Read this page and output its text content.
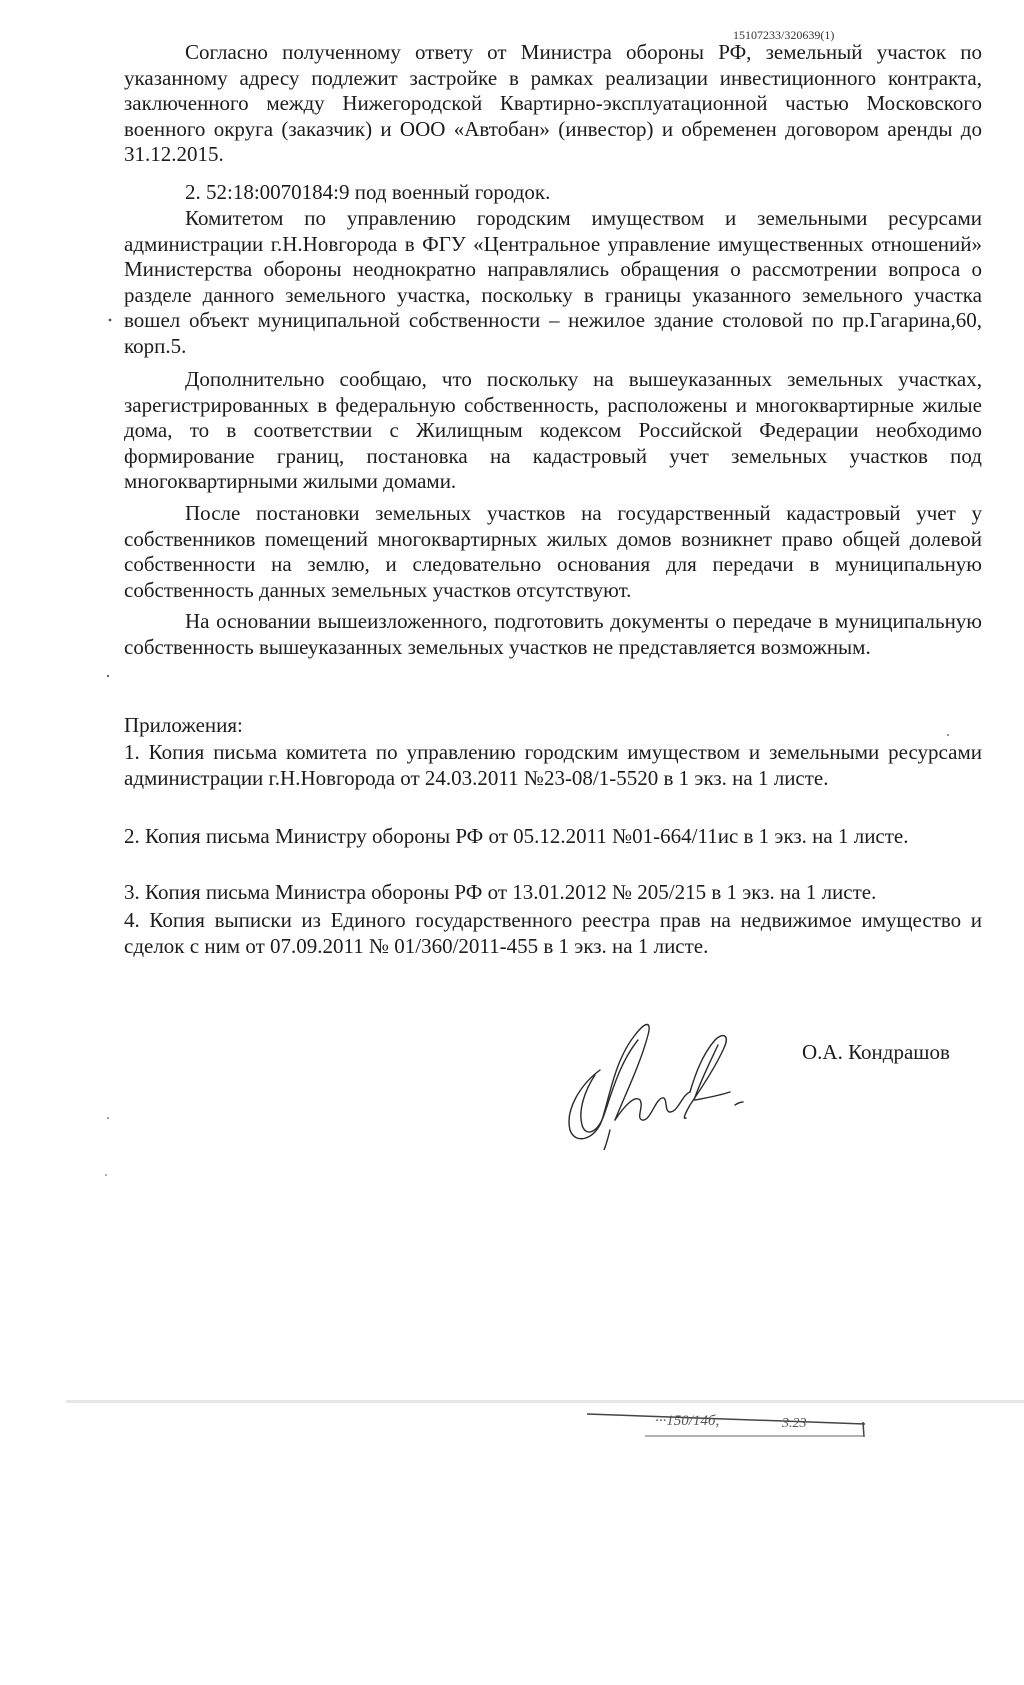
15107233/320639(1)

Согласно полученному ответу от Министра обороны РФ, земельный участок по указанному адресу подлежит застройке в рамках реализации инвестиционного контракта, заключенного между Нижегородской Квартирно-эксплуатационной частью Московского военного округа (заказчик) и ООО «Автобан» (инвестор) и обременен договором аренды до 31.12.2015.

2. 52:18:0070184:9 под военный городок.

Комитетом по управлению городским имуществом и земельными ресурсами администрации г.Н.Новгорода в ФГУ «Центральное управление имущественных отношений» Министерства обороны неоднократно направлялись обращения о рассмотрении вопроса о разделе данного земельного участка, поскольку в границы указанного земельного участка вошел объект муниципальной собственности – нежилое здание столовой по пр.Гагарина,60, корп.5.

Дополнительно сообщаю, что поскольку на вышеуказанных земельных участках, зарегистрированных в федеральную собственность, расположены и многоквартирные жилые дома, то в соответствии с Жилищным кодексом Российской Федерации необходимо формирование границ, постановка на кадастровый учет земельных участков под многоквартирными жилыми домами.

После постановки земельных участков на государственный кадастровый учет у собственников помещений многоквартирных жилых домов возникнет право общей долевой собственности на землю, и следовательно основания для передачи в муниципальную собственность данных земельных участков отсутствуют.

На основании вышеизложенного, подготовить документы о передаче в муниципальную собственность вышеуказанных земельных участков не представляется возможным.

Приложения:
1. Копия письма комитета по управлению городским имуществом и земельными ресурсами администрации г.Н.Новгорода от 24.03.2011 №23-08/1-5520 в 1 экз. на 1 листе.
2. Копия письма Министру обороны РФ от 05.12.2011 №01-664/11ис в 1 экз. на 1 листе.
3. Копия письма Министра обороны РФ от 13.01.2012 № 205/215 в 1 экз. на 1 листе.
4. Копия выписки из Единого государственного реестра прав на недвижимое имущество и сделок с ним от 07.09.2011 № 01/360/2011-455 в 1 экз. на 1 листе.
О.А. Кондрашов
···150/14б,	3.23
